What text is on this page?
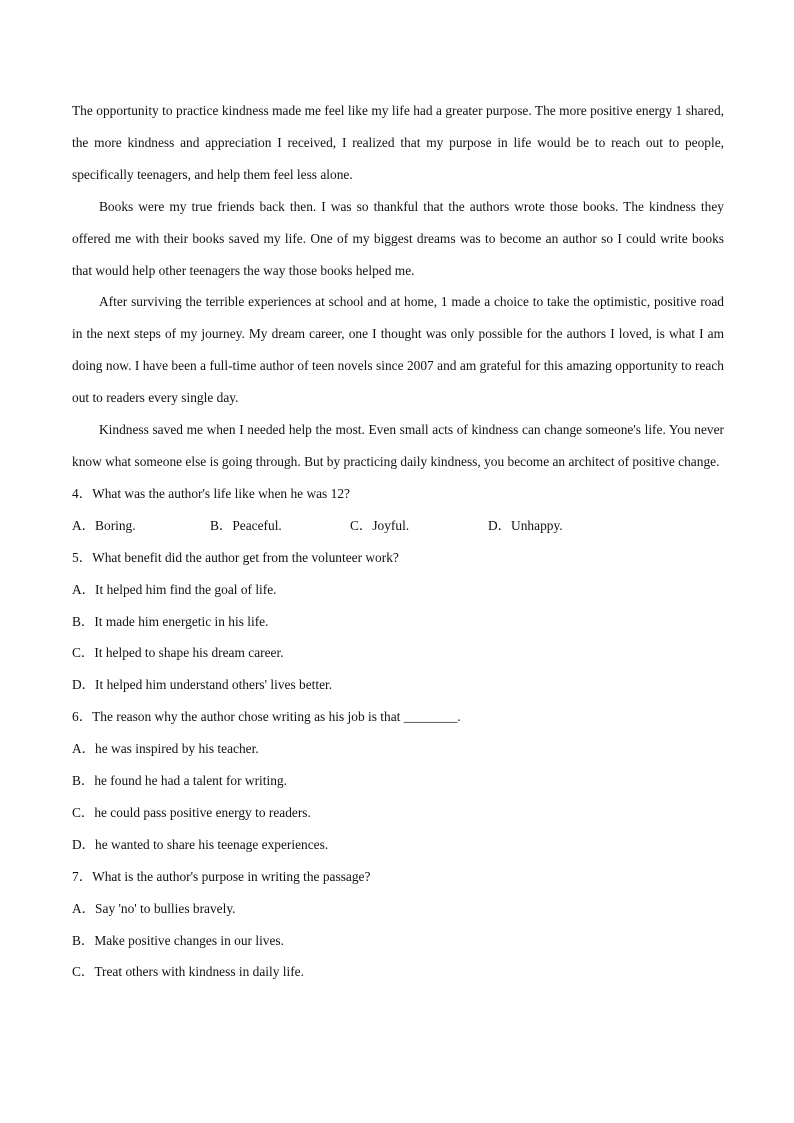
The opportunity to practice kindness made me feel like my life had a greater purpose. The more positive energy 1 shared, the more kindness and appreciation I received, I realized that my purpose in life would be to reach out to people, specifically teenagers, and help them feel less alone.

Books were my true friends back then. I was so thankful that the authors wrote those books. The kindness they offered me with their books saved my life. One of my biggest dreams was to become an author so I could write books that would help other teenagers the way those books helped me.

After surviving the terrible experiences at school and at home, 1 made a choice to take the optimistic, positive road in the next steps of my journey. My dream career, one I thought was only possible for the authors I loved, is what I am doing now. I have been a full-time author of teen novels since 2007 and am grateful for this amazing opportunity to reach out to readers every single day.

Kindness saved me when I needed help the most. Even small acts of kindness can change someone's life. You never know what someone else is going through. But by practicing daily kindness, you become an architect of positive change.

4．What was the author's life like when he was 12?

A．Boring.	B．Peaceful.	C．Joyful.	D．Unhappy.

5．What benefit did the author get from the volunteer work?

A．It helped him find the goal of life.

B．It made him energetic in his life.

C．It helped to shape his dream career.

D．It helped him understand others' lives better.

6．The reason why the author chose writing as his job is that ________.

A．he was inspired by his teacher.

B．he found he had a talent for writing.

C．he could pass positive energy to readers.

D．he wanted to share his teenage experiences.

7．What is the author's purpose in writing the passage?

A．Say 'no' to bullies bravely.

B．Make positive changes in our lives.

C．Treat others with kindness in daily life.
